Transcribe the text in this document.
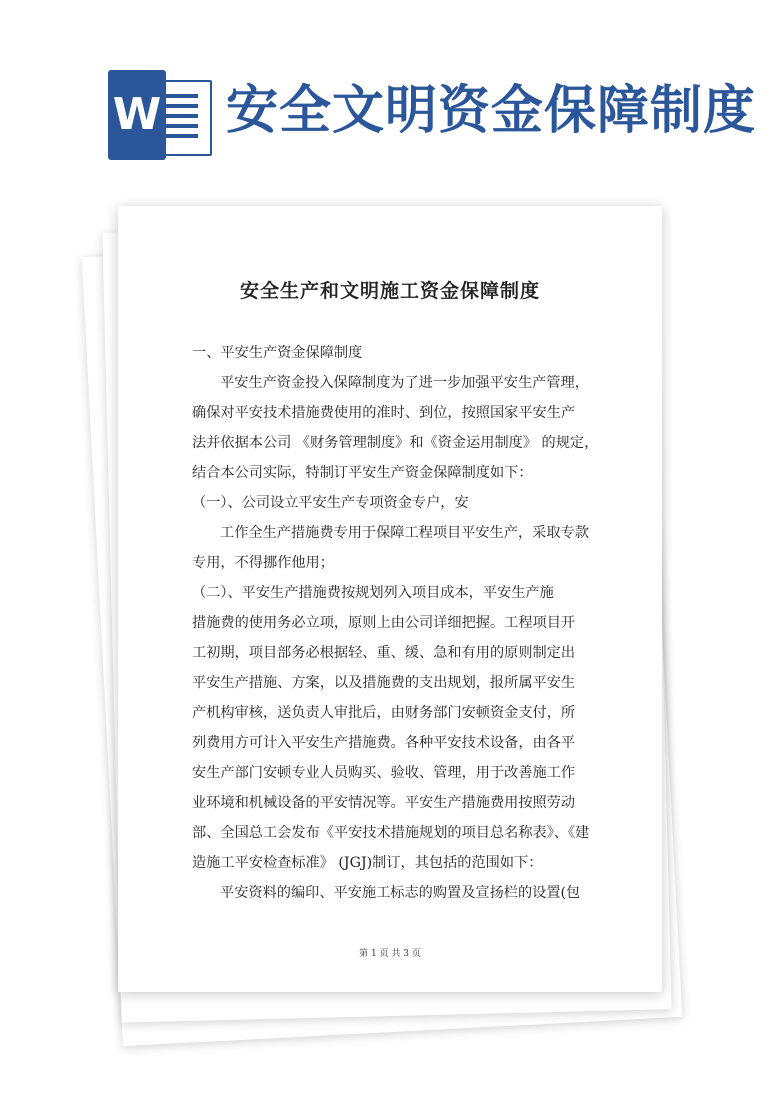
W 安全文明资金保障制度
安全生产和文明施工资金保障制度
一、平安生产资金保障制度
平安生产资金投入保障制度为了进一步加强平安生产管理，
确保对平安技术措施费使用的准时、到位，按照国家平安生产
法并依据本公司 《财务管理制度》和《资金运用制度》 的规定，
结合本公司实际，特制订平安生产资金保障制度如下：
（一）、公司设立平安生产专项资金专户，安
工作全生产措施费专用于保障工程项目平安生产，采取专款
专用，不得挪作他用；
（二）、平安生产措施费按规划列入项目成本，平安生产施
措施费的使用务必立项，原则上由公司详细把握。工程项目开
工初期，项目部务必根据轻、重、缓、急和有用的原则制定出
平安生产措施、方案，以及措施费的支出规划，报所属平安生
产机构审核，送负责人审批后，由财务部门安顿资金支付，所
列费用方可计入平安生产措施费。各种平安技术设备，由各平
安生产部门安顿专业人员购买、验收、管理，用于改善施工作
业环境和机械设备的平安情况等。平安生产措施费用按照劳动
部、全国总工会发布《平安技术措施规划的项目总名称表》、《建
造施工平安检查标准》 (JGJ)制订，其包括的范围如下：
平安资料的编印、平安施工标志的购置及宣扬栏的设置(包
第 1 页 共 3 页
